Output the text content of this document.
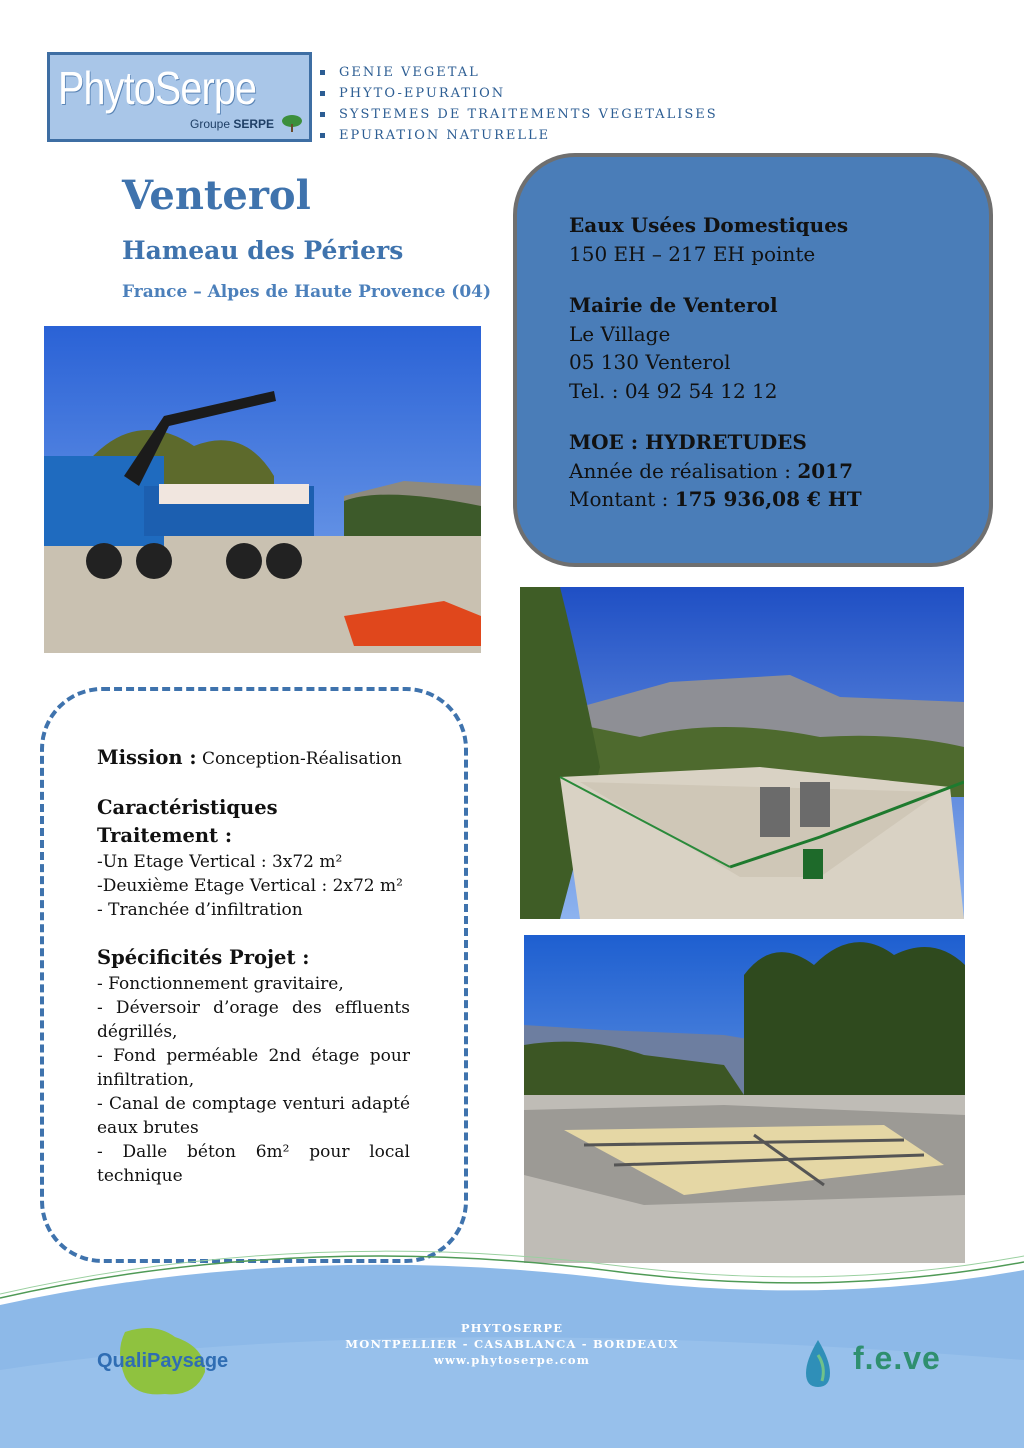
PhytoSerpe
Groupe SERPE
GENIE VEGETAL
PHYTO-EPURATION
SYSTEMES DE TRAITEMENTS VEGETALISES
EPURATION NATURELLE
Venterol
Hameau des Périers
France – Alpes de Haute Provence (04)
Eaux Usées Domestiques
150 EH – 217 EH pointe
Mairie de Venterol
Le Village
05 130 Venterol
Tel. : 04 92 54 12 12
MOE : HYDRETUDES
Année de réalisation : 2017
Montant : 175 936,08 € HT
Mission : Conception-Réalisation
Caractéristiques
Traitement :
-Un Etage Vertical : 3x72 m²
-Deuxième Etage Vertical : 2x72 m²
- Tranchée d’infiltration
Spécificités Projet :
- Fonctionnement gravitaire,
- Déversoir d’orage des effluents dégrillés,
- Fond perméable 2nd étage pour infiltration,
- Canal de comptage venturi adapté eaux brutes
- Dalle béton 6m² pour local technique
PHYTOSERPE
MONTPELLIER - CASABLANCA - BORDEAUX
www.phytoserpe.com
QualiPaysage	f.e.ve
